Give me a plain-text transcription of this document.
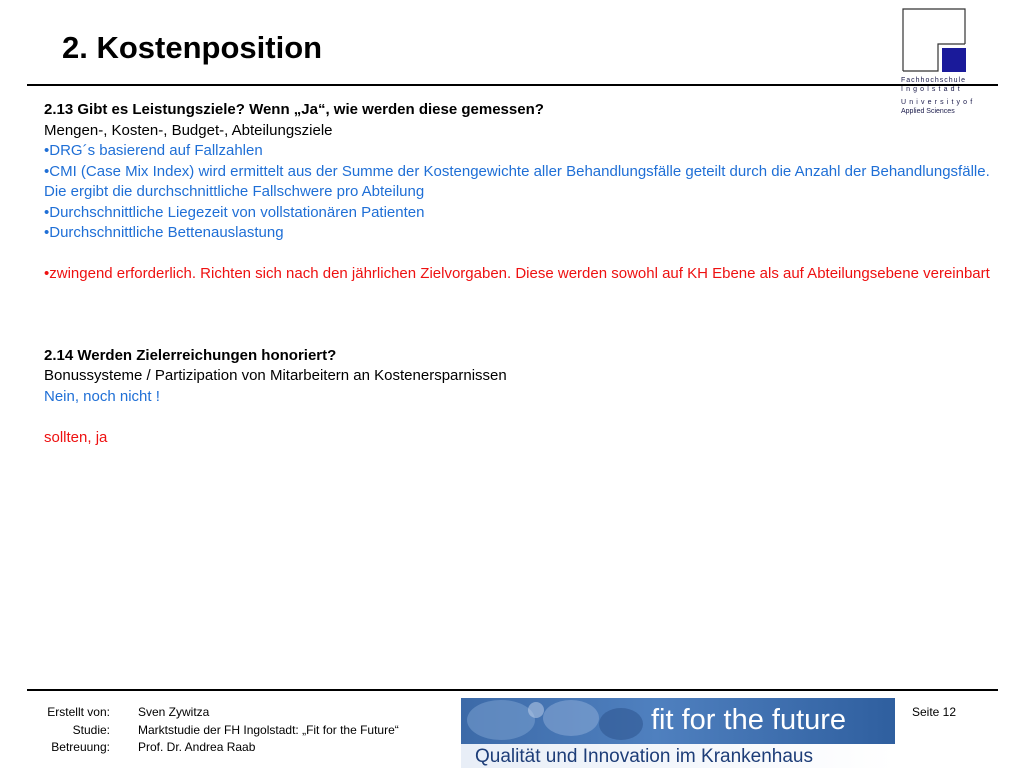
2. Kostenposition
Fachhochschule
I n g o l s t a d t
U n i v e r s i t y o f
Applied Sciences

2.13 Gibt es Leistungsziele? Wenn „Ja“, wie werden diese gemessen?

Mengen-, Kosten-, Budget-, Abteilungsziele

•DRG´s basierend auf Fallzahlen

•CMI (Case Mix Index) wird ermittelt aus der Summe der Kostengewichte aller Behandlungsfälle geteilt durch die Anzahl der Behandlungsfälle. Die ergibt die durchschnittliche Fallschwere pro Abteilung

•Durchschnittliche Liegezeit von vollstationären Patienten

•Durchschnittliche Bettenauslastung

•zwingend erforderlich. Richten sich nach den jährlichen Zielvorgaben. Diese werden sowohl auf KH Ebene als auf Abteilungsebene vereinbart

2.14 Werden Zielerreichungen honoriert?

Bonussysteme / Partizipation von Mitarbeitern an Kostenersparnissen

Nein, noch nicht !

sollten, ja

Erstellt von:
Studie:
Betreuung:
Sven Zywitza
Marktstudie der FH Ingolstadt: „Fit for the Future“
Prof. Dr. Andrea Raab
fit for the future
Qualität und Innovation im Krankenhaus
Seite 12
